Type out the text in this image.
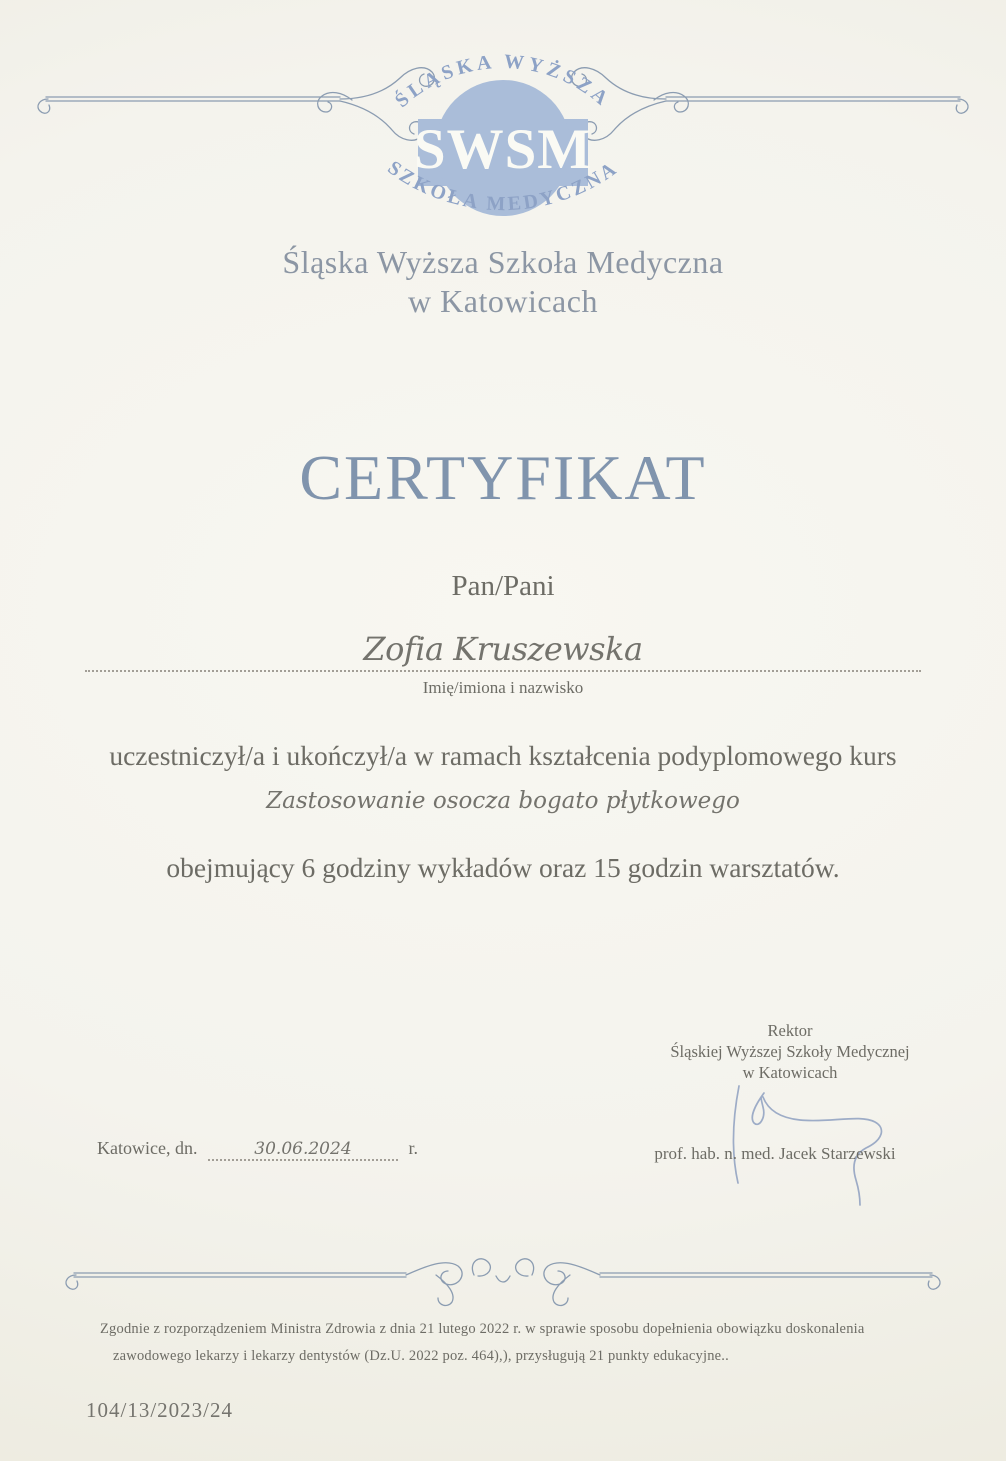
ŚLĄSKA WYŻSZA
SZKOŁA MEDYCZNA
SWSM
Śląska Wyższa Szkoła Medyczna
w Katowicach
CERTYFIKAT
Pan/Pani
Zofia Kruszewska
Imię/imiona i nazwisko
uczestniczył/a i ukończył/a w ramach kształcenia podyplomowego kurs
Zastosowanie osocza bogato płytkowego
obejmujący 6 godziny wykładów oraz 15 godzin warsztatów.
Rektor
Śląskiej Wyższej Szkoły Medycznej
w Katowicach
prof. hab. n. med. Jacek Starzewski
Katowice, dn.	30.06.2024	r.
Zgodnie z rozporządzeniem Ministra Zdrowia z dnia 21 lutego 2022 r. w sprawie sposobu dopełnienia obowiązku doskonalenia
zawodowego lekarzy i lekarzy dentystów (Dz.U. 2022 poz. 464),), przysługują 21 punkty edukacyjne..
104/13/2023/24
